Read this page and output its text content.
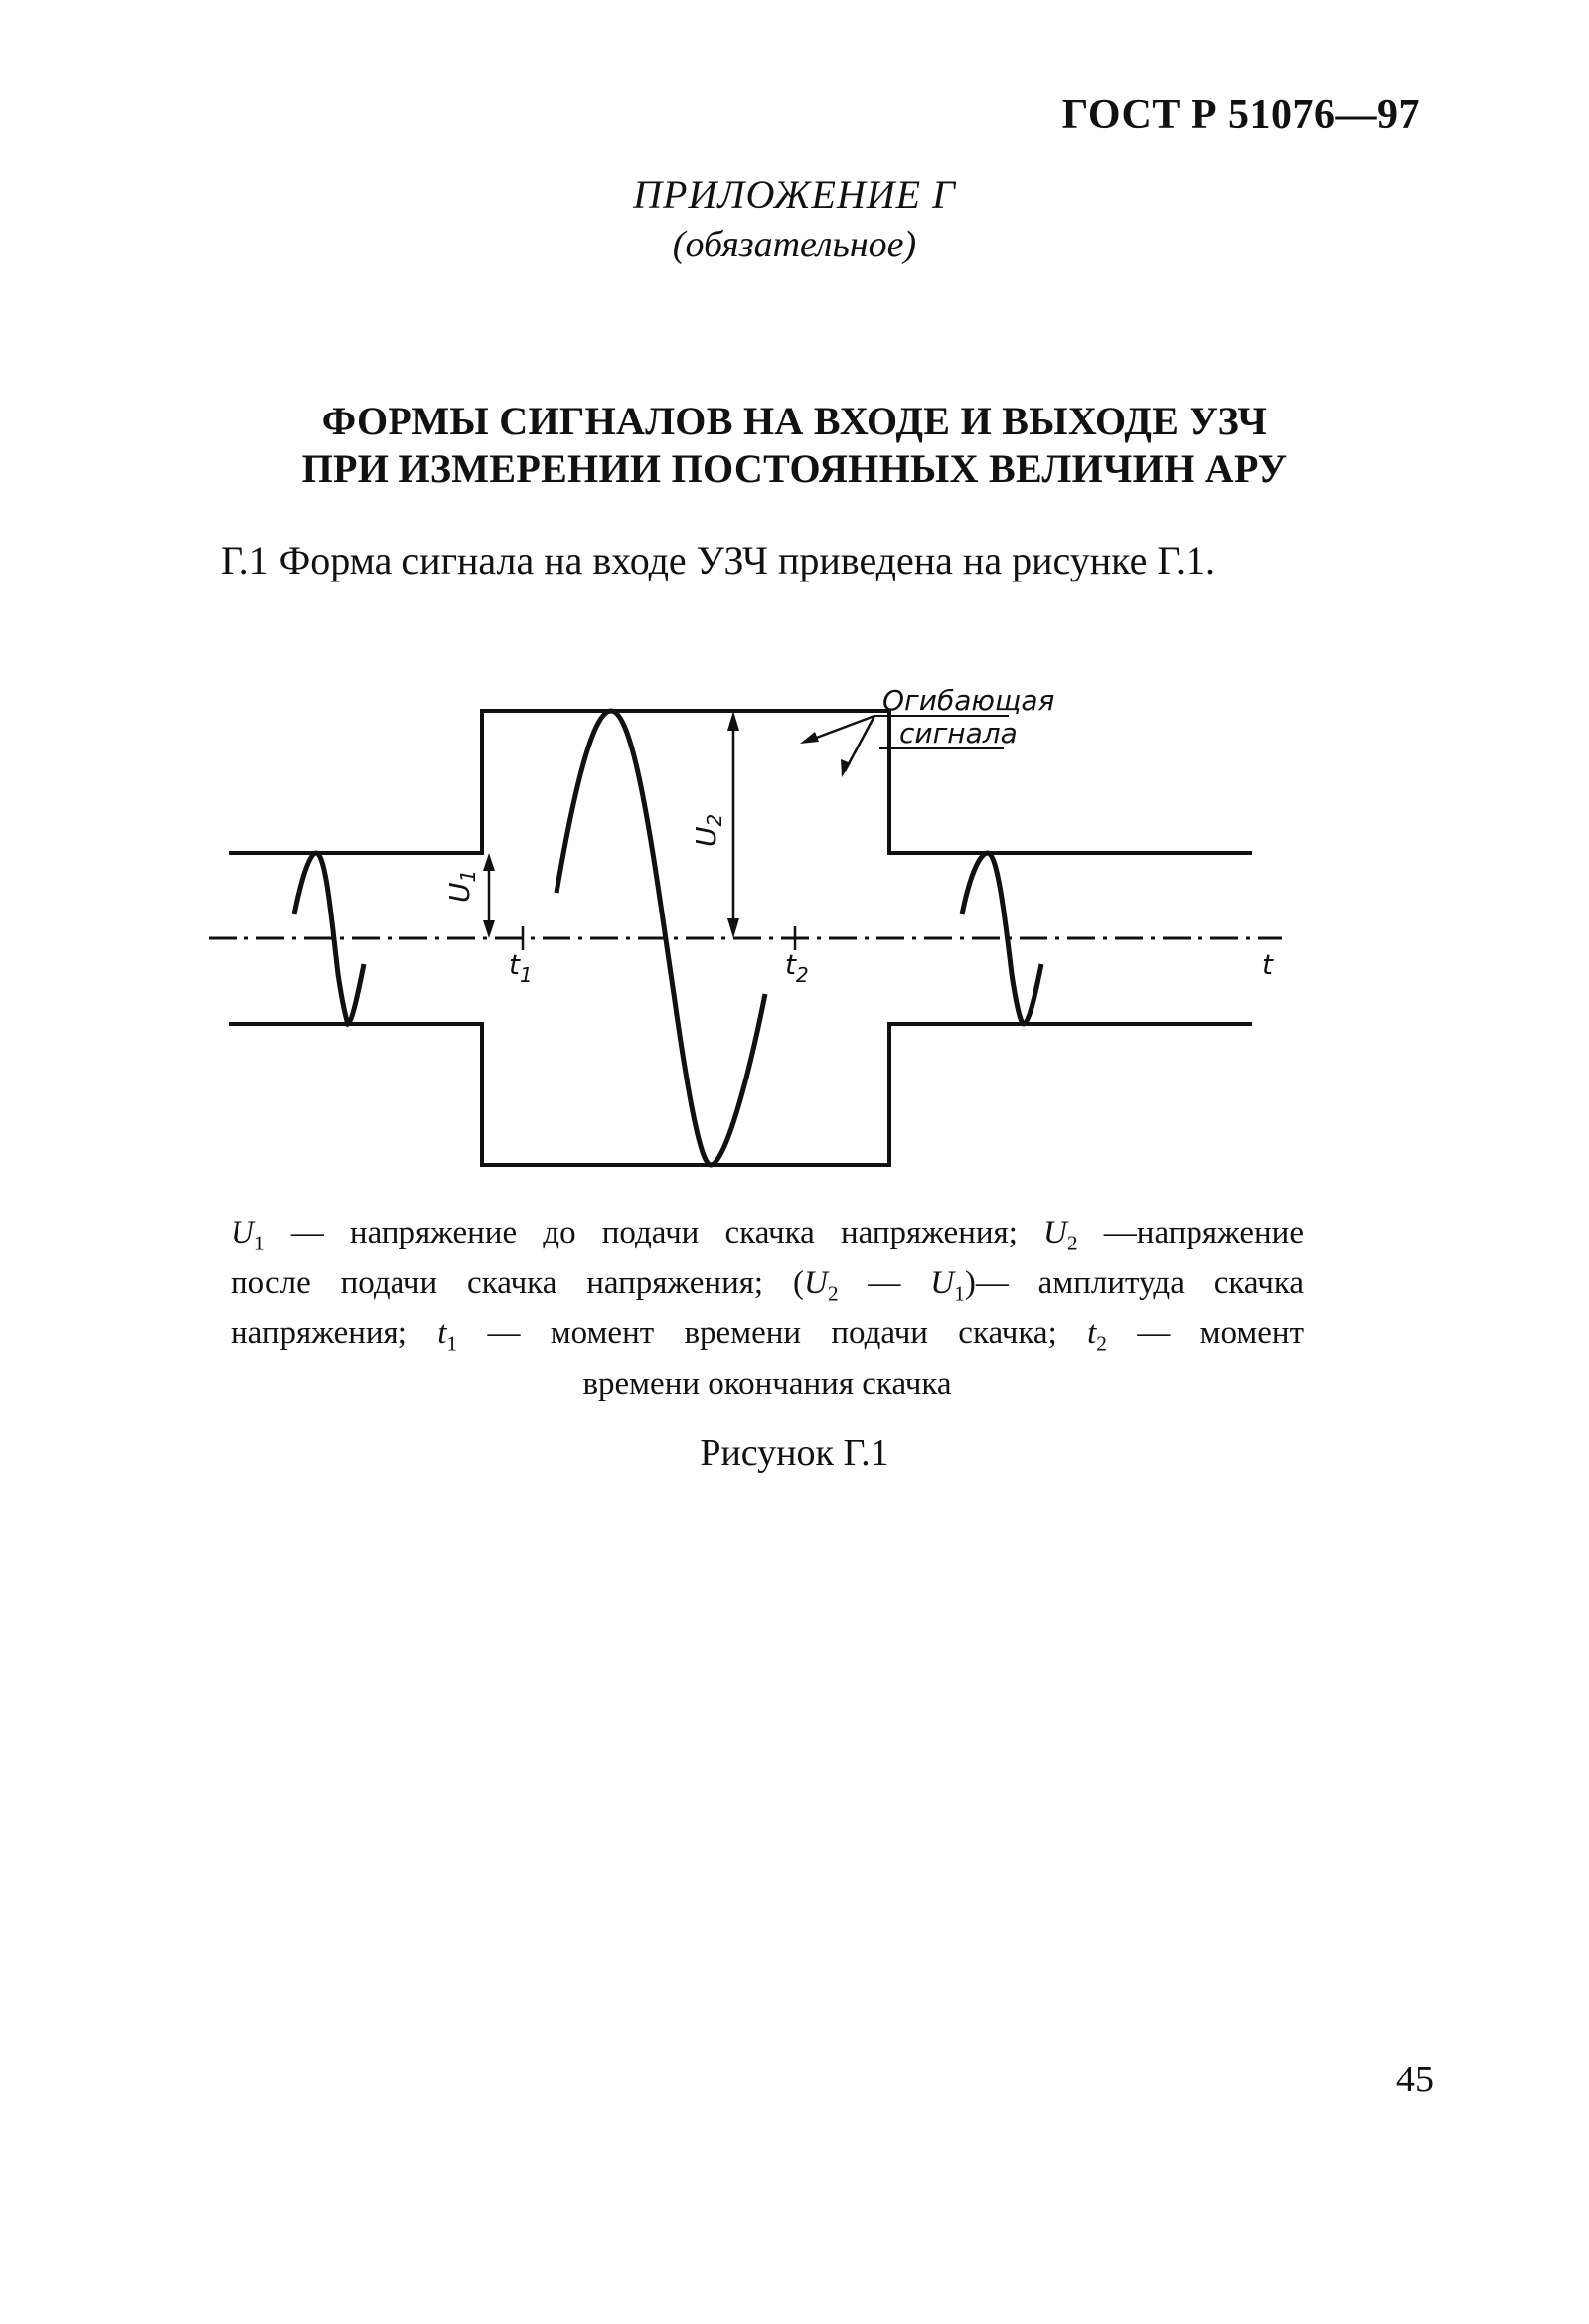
ГОСТ Р 51076—97
ПРИЛОЖЕНИЕ Г
(обязательное)
ФОРМЫ СИГНАЛОВ НА ВХОДЕ И ВЫХОДЕ УЗЧ
ПРИ ИЗМЕРЕНИИ ПОСТОЯННЫХ ВЕЛИЧИН АРУ
Г.1 Форма сигнала на входе УЗЧ приведена на рисунке Г.1.
Огибающая
сигнала
$U_1$
$U_2$
$t_1$	$t_2$	t
$U_1$ — напряжение до подачи скачка напряжения; $U_2$ —напряжение
после подачи скачка напряжения; ($U_2$ — $U_1)—$ амплитуда скачка
напряжения; $t_1$ — момент времени подачи скачка; $t_2$ — момент
времени окончания скачка
Рисунок Г.1
45
